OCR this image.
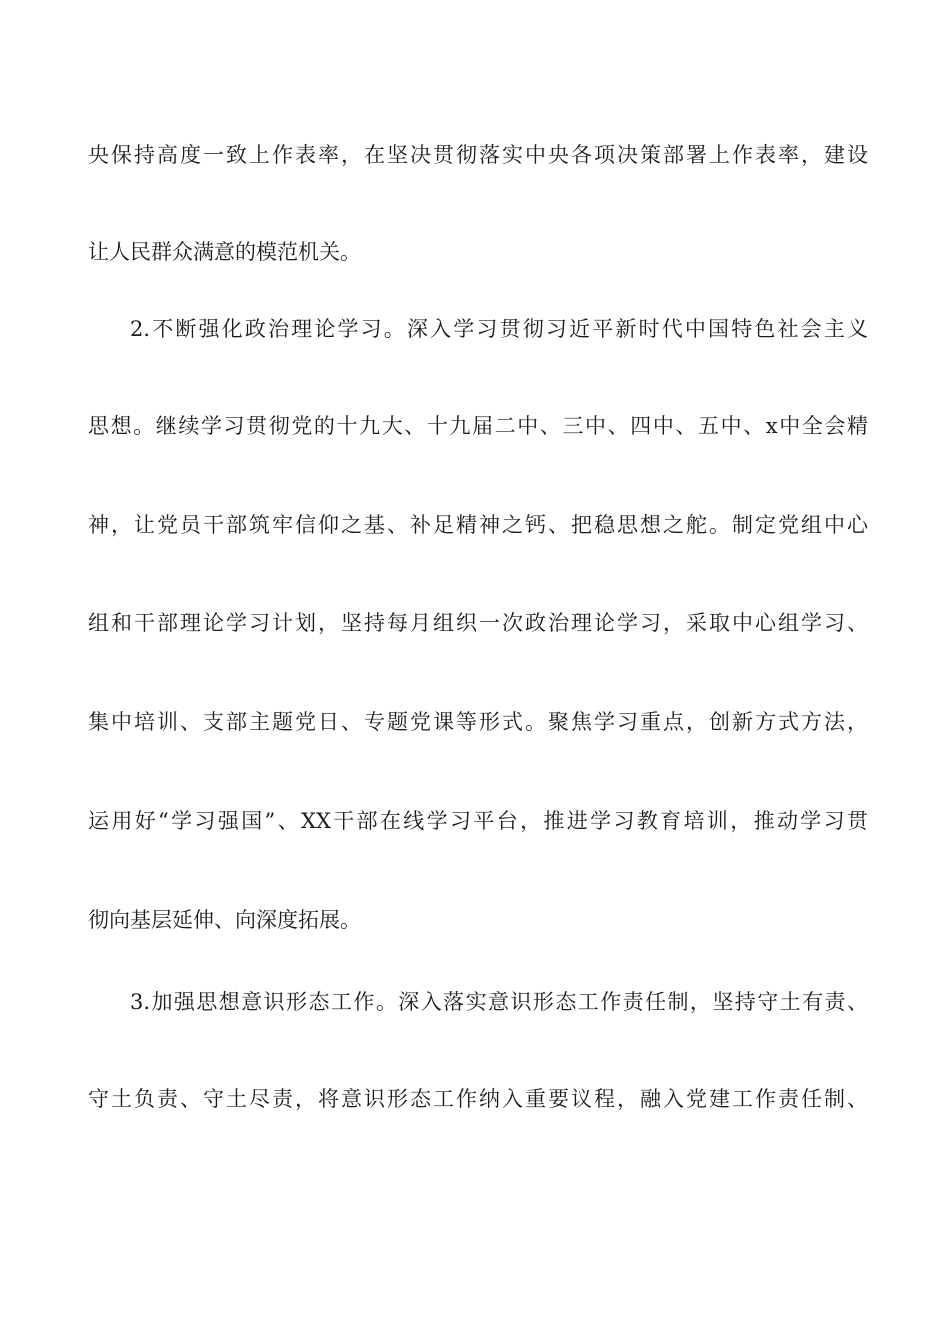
央保持高度一致上作表率，在坚决贯彻落实中央各项决策部署上作表率，建设
让人民群众满意的模范机关。
2.不断强化政治理论学习。深入学习贯彻习近平新时代中国特色社会主义
思想。继续学习贯彻党的十九大、十九届二中、三中、四中、五中、x中全会精
神，让党员干部筑牢信仰之基、补足精神之钙、把稳思想之舵。制定党组中心
组和干部理论学习计划，坚持每月组织一次政治理论学习，采取中心组学习、
集中培训、支部主题党日、专题党课等形式。聚焦学习重点，创新方式方法，
运用好“学习强国”、XX干部在线学习平台，推进学习教育培训，推动学习贯
彻向基层延伸、向深度拓展。
3.加强思想意识形态工作。深入落实意识形态工作责任制，坚持守土有责、
守土负责、守土尽责，将意识形态工作纳入重要议程，融入党建工作责任制、
